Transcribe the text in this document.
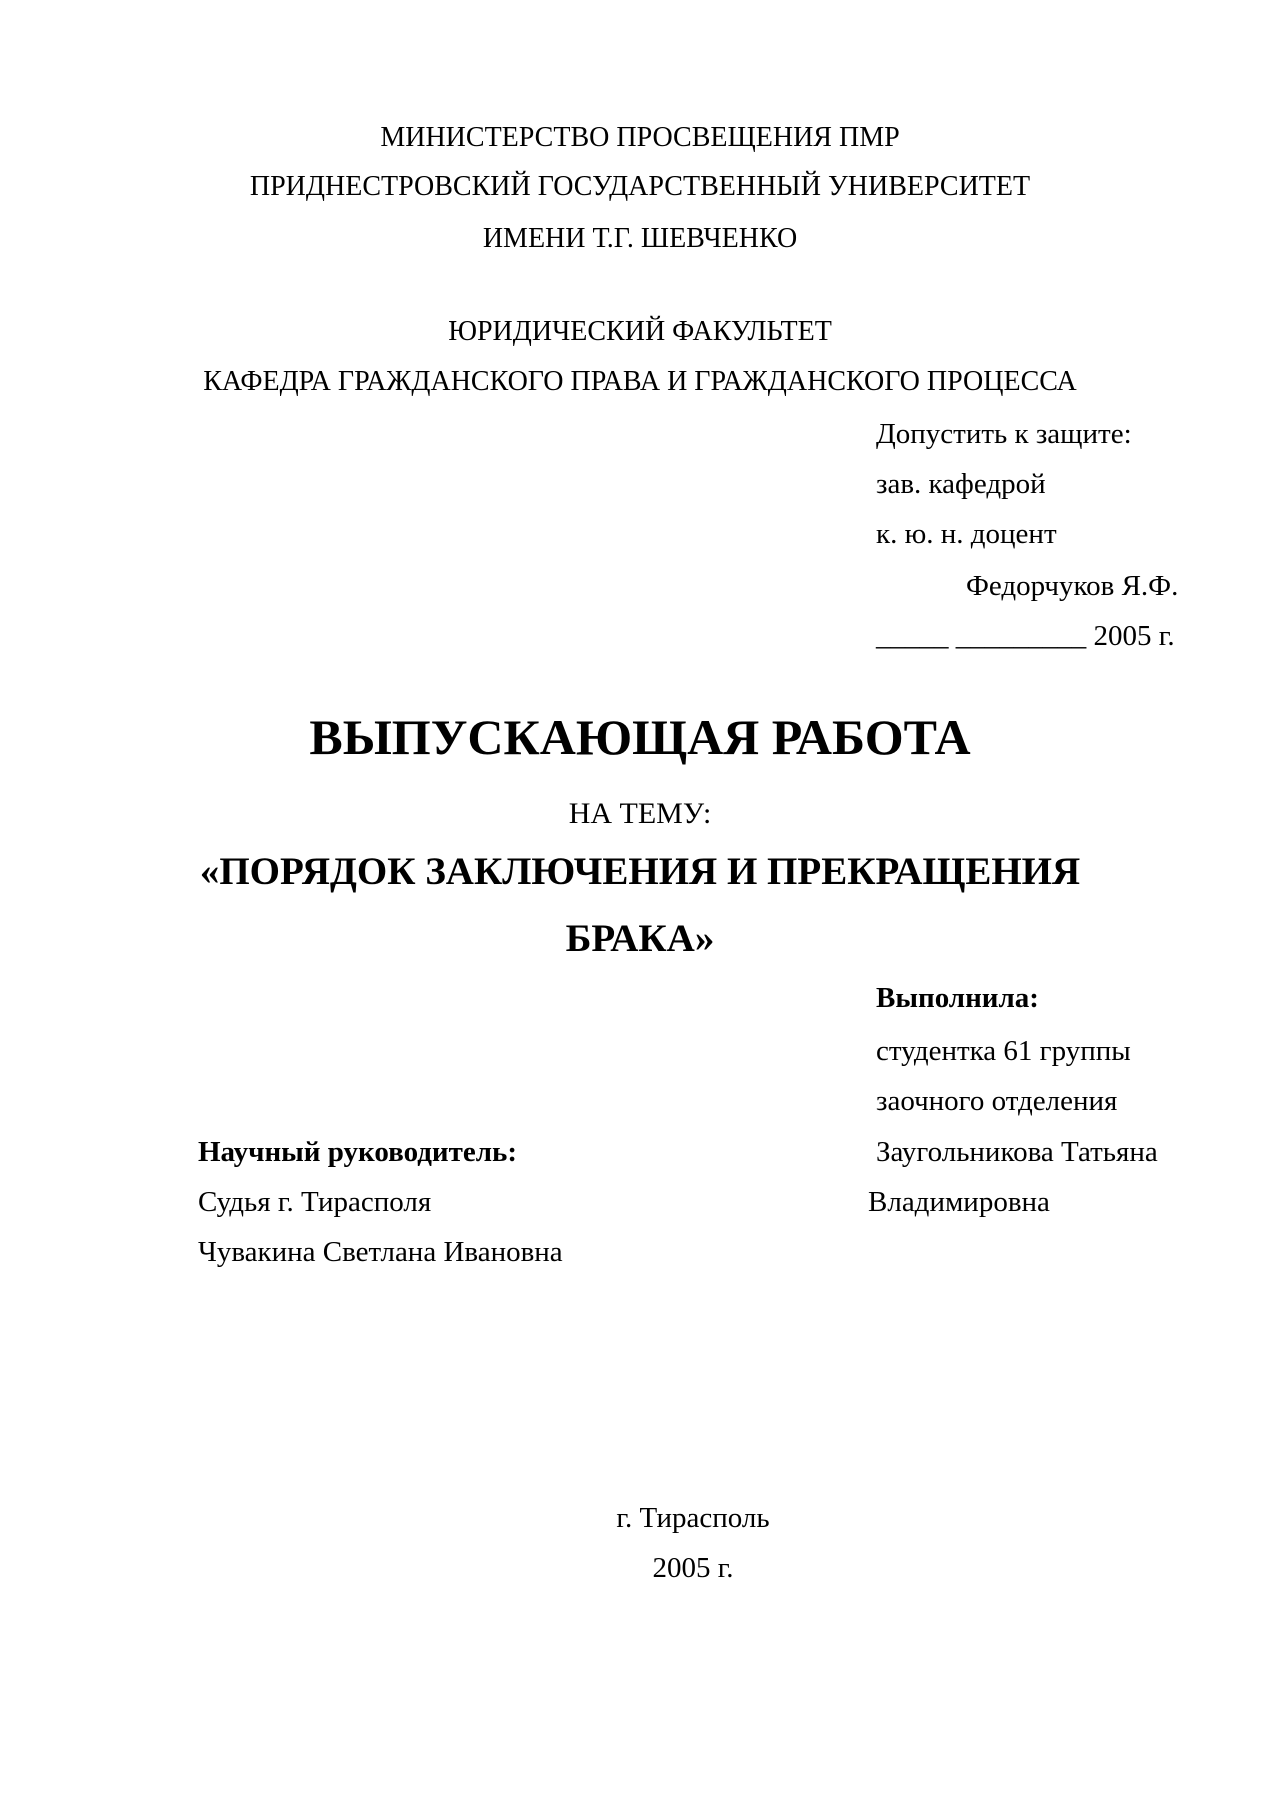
МИНИСТЕРСТВО ПРОСВЕЩЕНИЯ ПМР
ПРИДНЕСТРОВСКИЙ ГОСУДАРСТВЕННЫЙ УНИВЕРСИТЕТ
ИМЕНИ Т.Г. ШЕВЧЕНКО
ЮРИДИЧЕСКИЙ ФАКУЛЬТЕТ
КАФЕДРА ГРАЖДАНСКОГО ПРАВА И ГРАЖДАНСКОГО ПРОЦЕССА
Допустить к защите:
зав. кафедрой
к. ю. н. доцент
Федорчуков Я.Ф.
_____ _________ 2005 г.
ВЫПУСКАЮЩАЯ РАБОТА
НА ТЕМУ:
«ПОРЯДОК ЗАКЛЮЧЕНИЯ И ПРЕКРАЩЕНИЯ
БРАКА»
Выполнила:
студентка 61 группы
заочного отделения
Заугольникова Татьяна
Владимировна
Научный руководитель:
Судья г. Тирасполя
Чувакина Светлана Ивановна
г. Тирасполь
2005 г.
